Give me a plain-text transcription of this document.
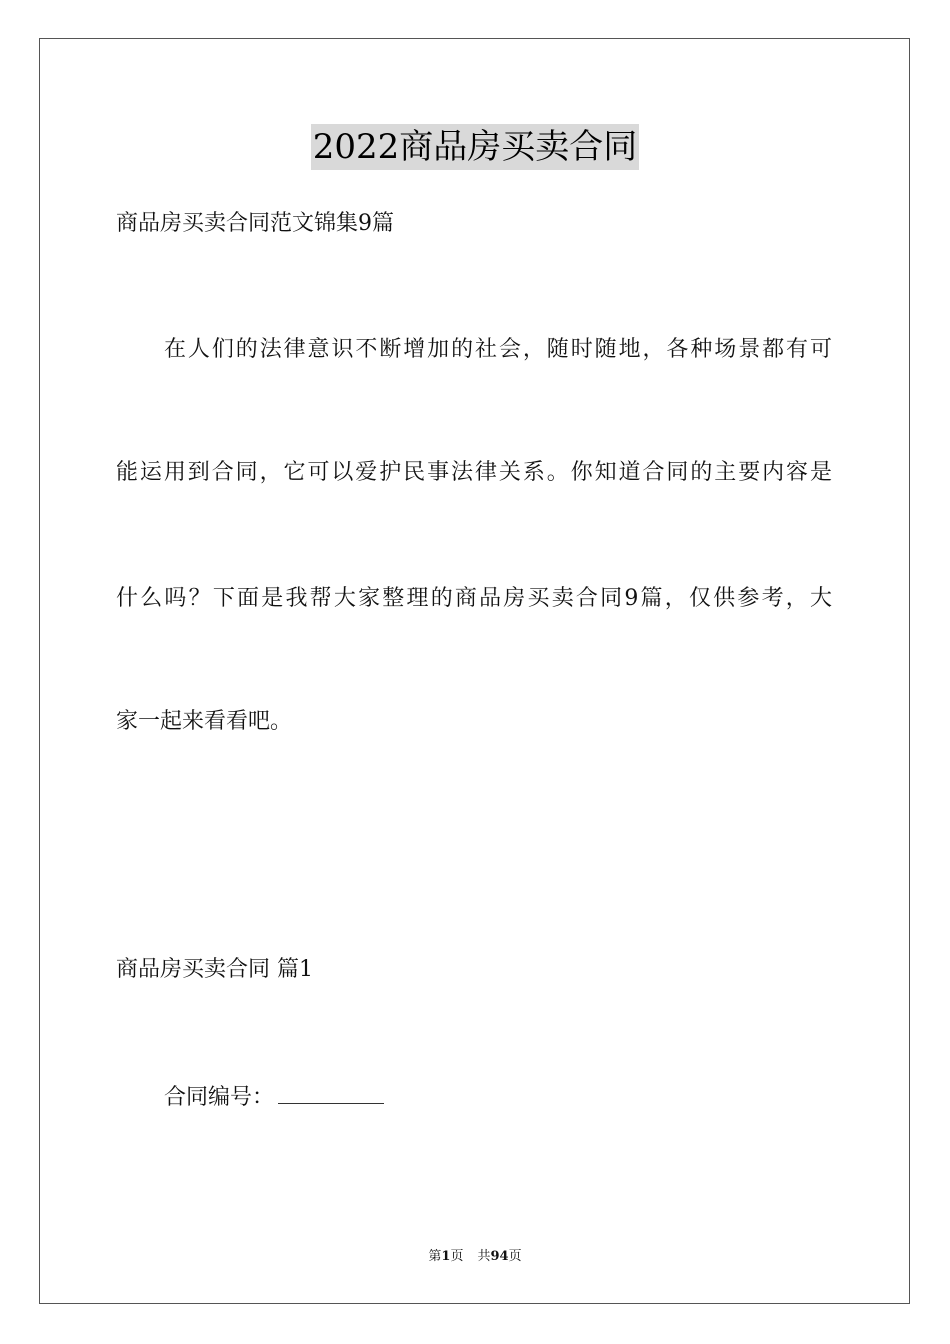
2022商品房买卖合同
商品房买卖合同范文锦集9篇
在人们的法律意识不断增加的社会，随时随地，各种场景都有可
能运用到合同，它可以爱护民事法律关系。你知道合同的主要内容是
什么吗？下面是我帮大家整理的商品房买卖合同9篇，仅供参考，大
家一起来看看吧。
商品房买卖合同 篇1
合同编号：
第1页 共94页
